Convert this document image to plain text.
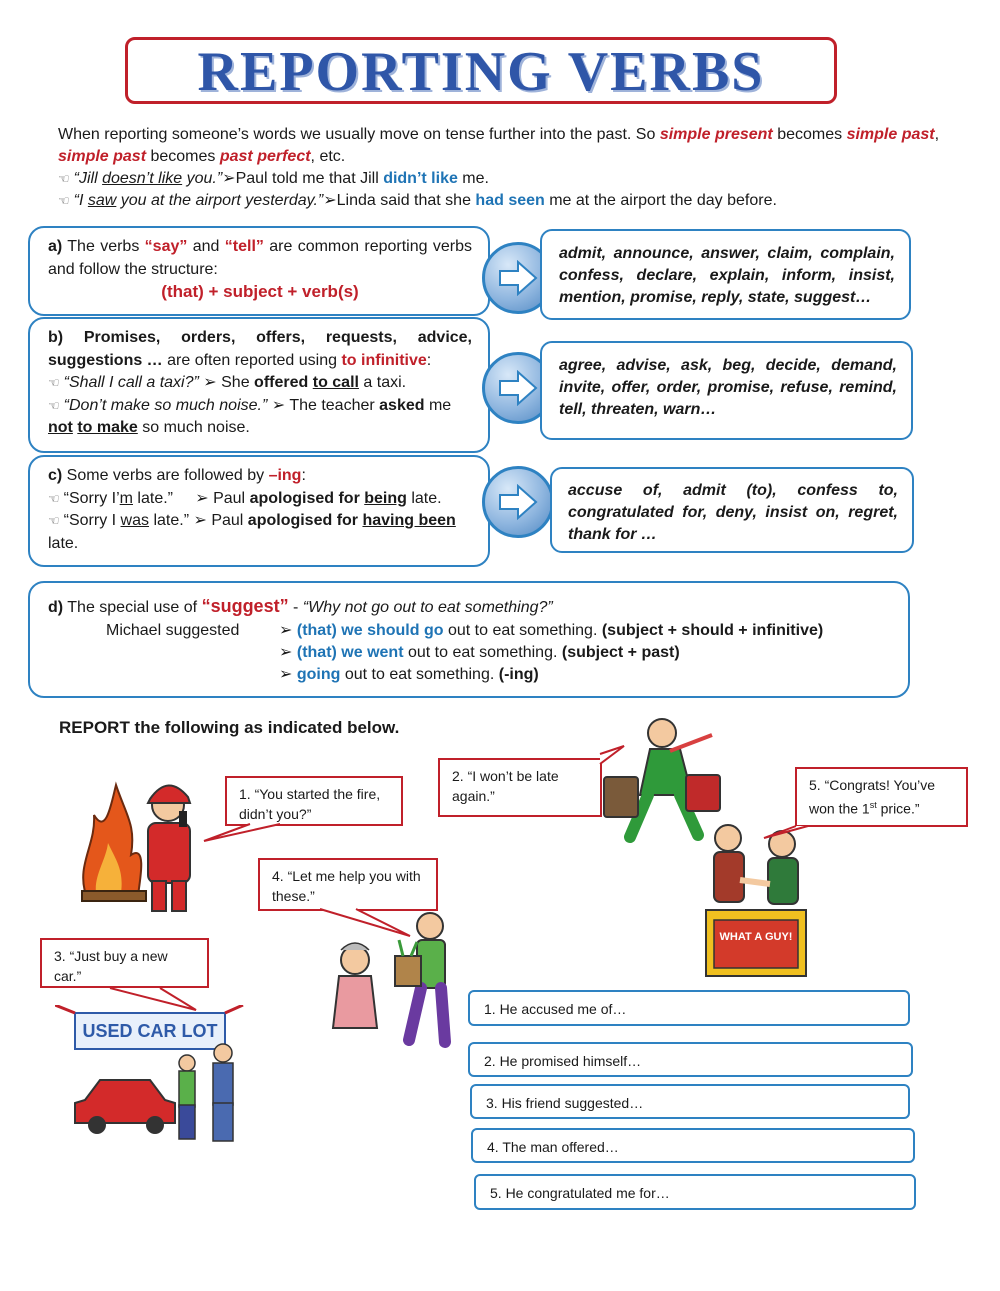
REPORTING VERBS
When reporting someone’s words we usually move on tense further into the past. So simple present becomes simple past, simple past becomes past perfect, etc.
☜ “Jill doesn’t like you.”➢Paul told me that Jill didn’t like me.
☜ “I saw you at the airport yesterday.”➢Linda said that she had seen me at the airport the day before.
a) The verbs “say” and “tell” are common reporting verbs and follow the structure:
(that) + subject + verb(s)
admit, announce, answer, claim, complain, confess, declare, explain, inform, insist, mention, promise, reply, state, suggest…
b) Promises, orders, offers, requests, advice, suggestions … are often reported using to infinitive:
☜ “Shall I call a taxi?” ➢ She offered to call a taxi.
☜ “Don’t make so much noise.” ➢ The teacher asked me not to make so much noise.
agree, advise, ask, beg, decide, demand, invite, offer, order, promise, refuse, remind, tell, threaten, warn…
c) Some verbs are followed by –ing:
☜ “Sorry I’m late.” ➢ Paul apologised for being late.
☜ “Sorry I was late.” ➢ Paul apologised for having been late.
accuse of, admit (to), confess to, congratulated for, deny, insist on, regret, thank for …
d) The special use of “suggest” - “Why not go out to eat something?”
Michael suggested ➢ (that) we should go out to eat something. (subject + should + infinitive)
➢ (that) we went out to eat something. (subject + past)
➢ going out to eat something. (-ing)
REPORT the following as indicated below.
WHAT A GUY!
USED CAR LOT
1. “You started the fire, didn’t you?”
2. “I won’t be late again.”
3. “Just buy a new car.”
4. “Let me help you with these.”
5. “Congrats! You’ve won the 1st price.”
1. He accused me of…
2. He promised himself…
3. His friend suggested…
4. The man offered…
5. He congratulated me for…
